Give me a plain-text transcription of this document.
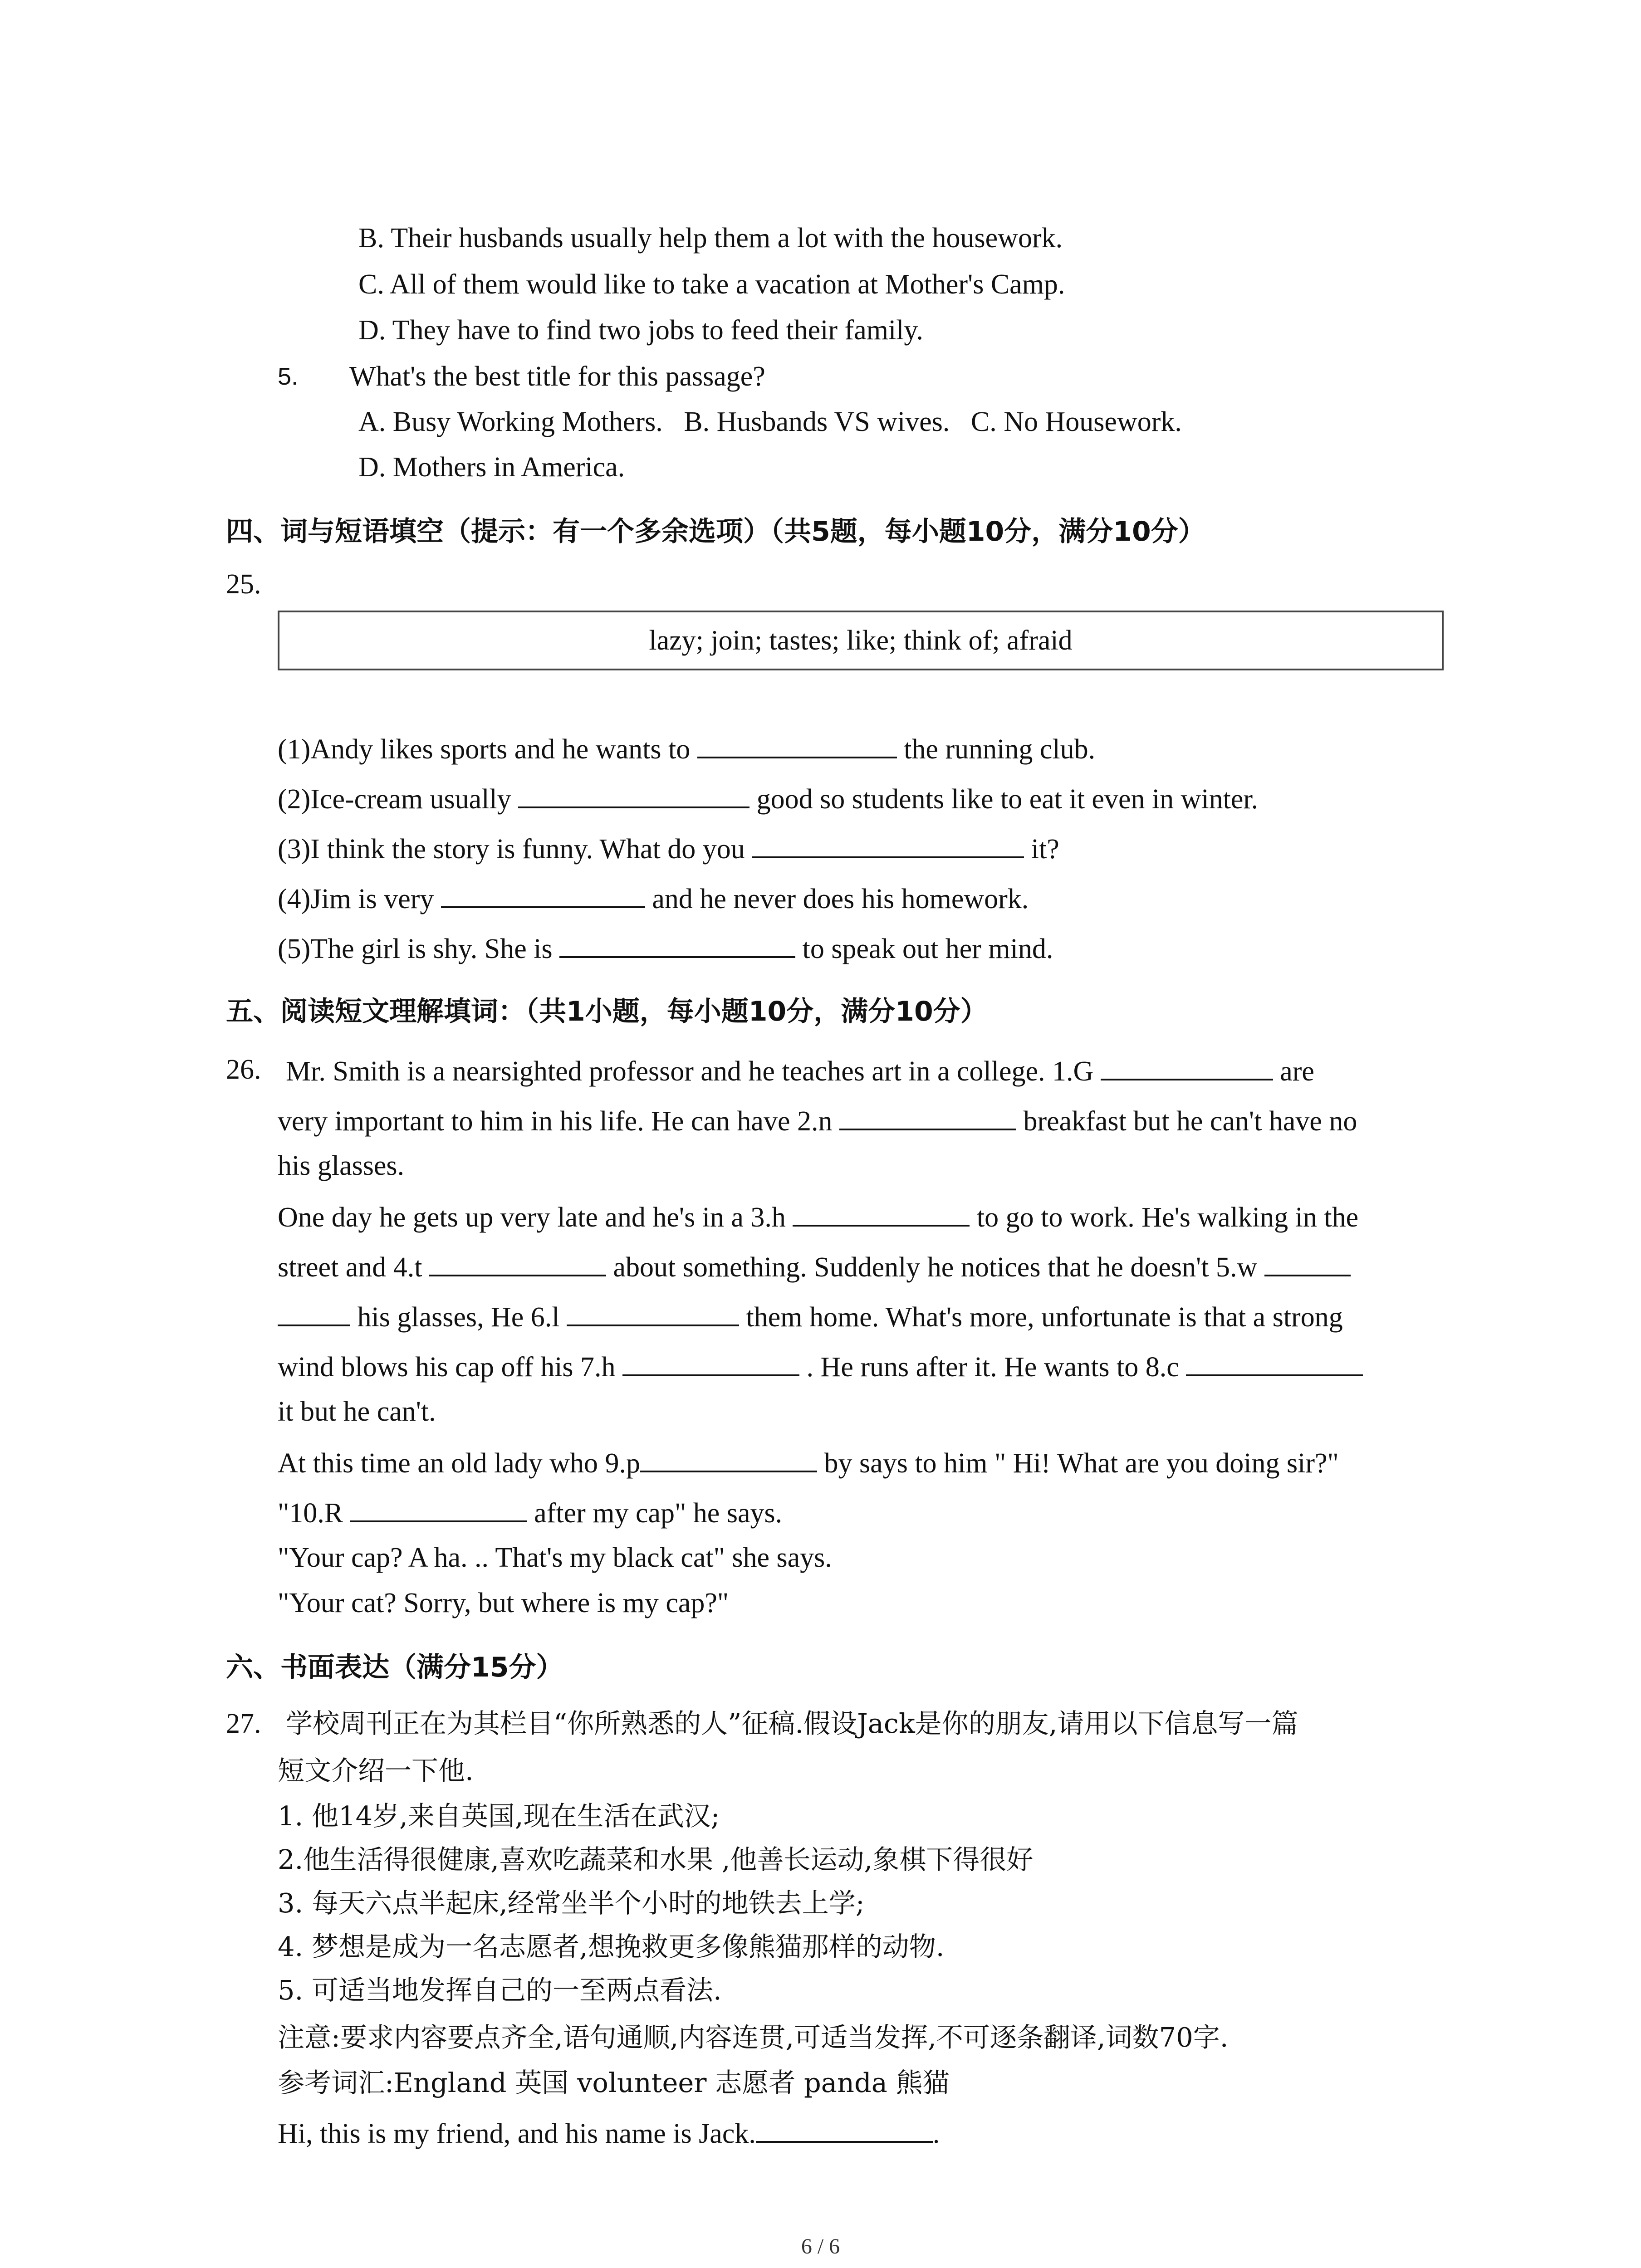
B. Their husbands usually help them a lot with the housework.
C. All of them would like to take a vacation at Mother's Camp.
D. They have to find two jobs to feed their family.
5. What's the best title for this passage?
A. Busy Working Mothers. B. Husbands VS wives. C. No Housework.
D. Mothers in America.
四、词与短语填空（提示：有一个多余选项）（共5题，每小题10分，满分10分）
25.
lazy; join; tastes; like; think of; afraid
(1)Andy likes sports and he wants to	the running club.
(2)Ice-cream usually	good so students like to eat it even in winter.
(3)I think the story is funny. What do you	it?
(4)Jim is very	and he never does his homework.
(5)The girl is shy. She is	to speak out her mind.
五、阅读短文理解填词：（共1小题，每小题10分，满分10分）
26. Mr. Smith is a nearsighted professor and he teaches art in a college. 1.G	are
very important to him in his life. He can have 2.n	breakfast but he can't have no
his glasses.
One day he gets up very late and he's in a 3.h	to go to work. He's walking in the
street and 4.t	about something. Suddenly he notices that he doesn't 5.w
his glasses, He 6.l	them home. What's more, unfortunate is that a strong
wind blows his cap off his 7.h	. He runs after it. He wants to 8.c
it but he can't.
At this time an old lady who 9.p	by says to him " Hi! What are you doing sir?"
"10.R	after my cap" he says.
"Your cap? A ha. .. That's my black cat" she says.
"Your cat? Sorry, but where is my cap?"
六、书面表达（满分15分）
27. 学校周刊正在为其栏目“你所熟悉的人”征稿.假设Jack是你的朋友,请用以下信息写一篇
短文介绍一下他.
1. 他14岁,来自英国,现在生活在武汉;
2.他生活得很健康,喜欢吃蔬菜和水果 ,他善长运动,象棋下得很好
3. 每天六点半起床,经常坐半个小时的地铁去上学;
4. 梦想是成为一名志愿者,想挽救更多像熊猫那样的动物.
5. 可适当地发挥自己的一至两点看法.
注意:要求内容要点齐全,语句通顺,内容连贯,可适当发挥,不可逐条翻译,词数70字.
参考词汇:England 英国 volunteer 志愿者 panda 熊猫
Hi, this is my friend, and his name is Jack.	.
6 / 6
